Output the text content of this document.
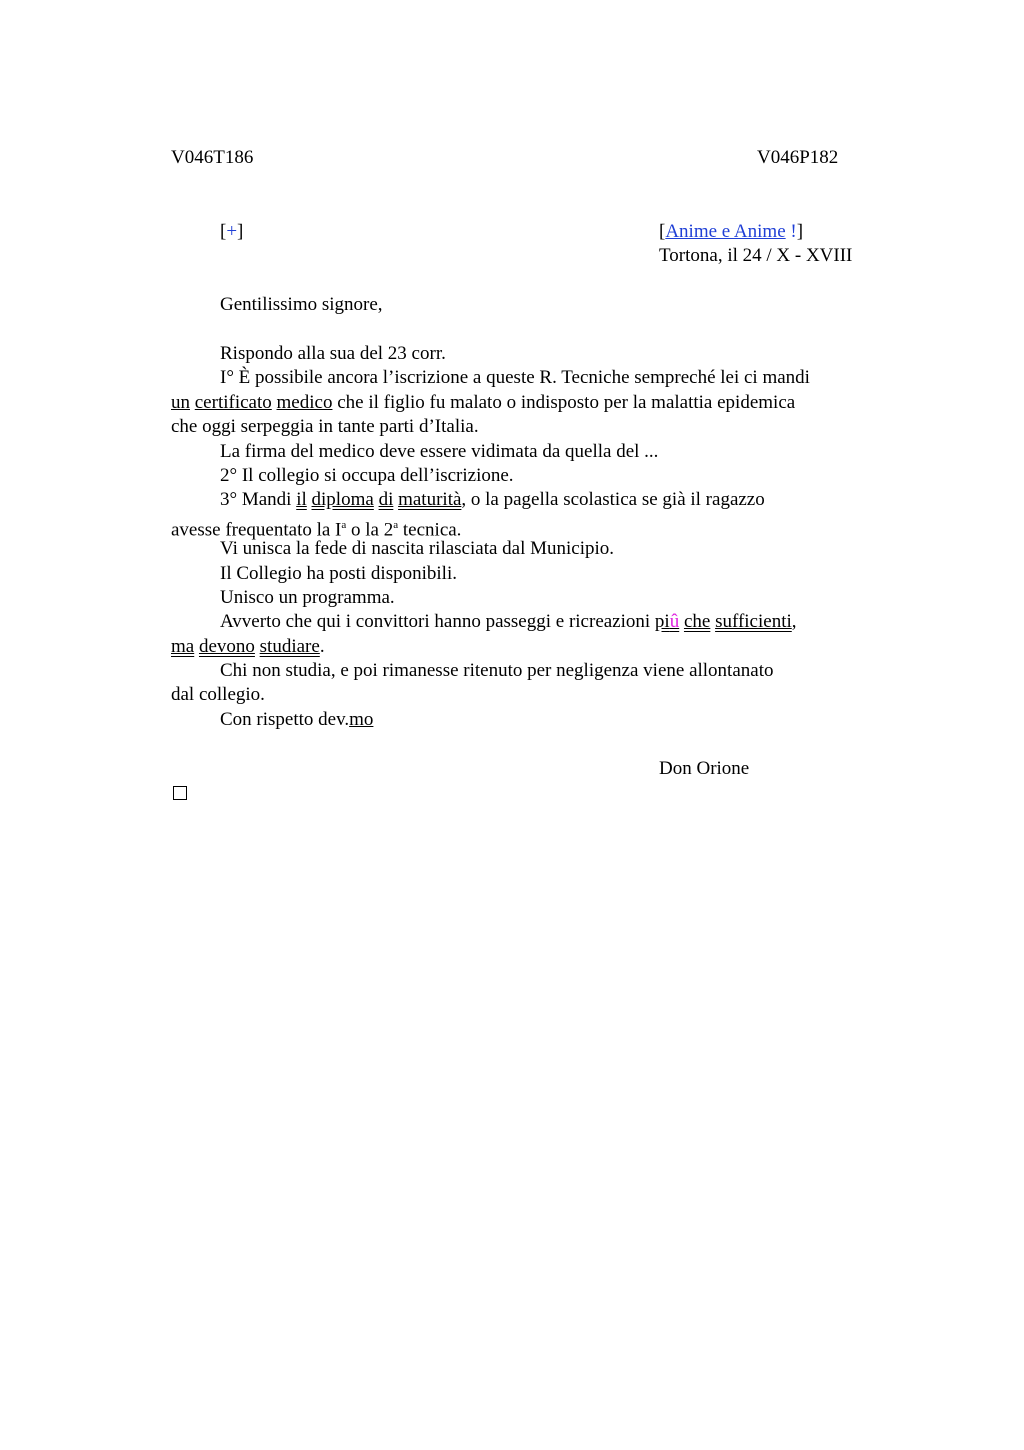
V046T186	V046P182
[+]	[Anime e Anime !]
Tortona, il 24 / X - XVIII
Gentilissimo signore,
Rispondo alla sua del 23 corr.
I° È possibile ancora l’iscrizione a queste R. Tecniche sempreché lei ci mandi
un certificato medico che il figlio fu malato o indisposto per la malattia epidemica
che oggi serpeggia in tante parti d’Italia.
La firma del medico deve essere vidimata da quella del ...
2° Il collegio si occupa dell’iscrizione.
3° Mandi il diploma di maturità, o la pagella scolastica se già il ragazzo
avesse frequentato la $I^a$ o la 2$^a$ tecnica.
Vi unisca la fede di nascita rilasciata dal Municipio.
Il Collegio ha posti disponibili.
Unisco un programma.
Avverto che qui i convittori hanno passeggi e ricreazioni piû che sufficienti,
ma devono studiare.
Chi non studia, e poi rimanesse ritenuto per negligenza viene allontanato
dal collegio.
Con rispetto dev.mo
Don Orione
